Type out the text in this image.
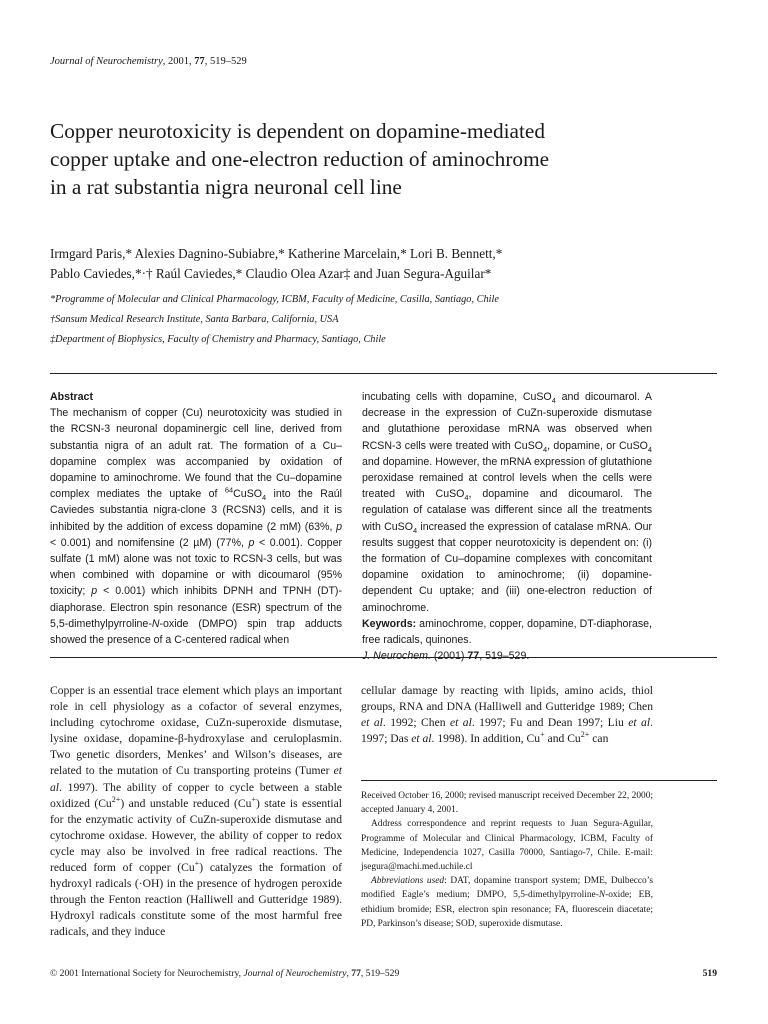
Journal of Neurochemistry, 2001, 77, 519–529
Copper neurotoxicity is dependent on dopamine-mediated
copper uptake and one-electron reduction of aminochrome
in a rat substantia nigra neuronal cell line
Irmgard Paris,* Alexies Dagnino-Subiabre,* Katherine Marcelain,* Lori B. Bennett,*
Pablo Caviedes,*·† Raúl Caviedes,* Claudio Olea Azar‡ and Juan Segura-Aguilar*
*Programme of Molecular and Clinical Pharmacology, ICBM, Faculty of Medicine, Casilla, Santiago, Chile
†Sansum Medical Research Institute, Santa Barbara, California, USA
‡Department of Biophysics, Faculty of Chemistry and Pharmacy, Santiago, Chile
Abstract

The mechanism of copper (Cu) neurotoxicity was studied in the RCSN-3 neuronal dopaminergic cell line, derived from substantia nigra of an adult rat. The formation of a Cu–dopamine complex was accompanied by oxidation of dopamine to aminochrome. We found that the Cu–dopamine complex mediates the uptake of $^{64}$CuSO$_4$ into the Raúl Caviedes substantia nigra-clone 3 (RCSN3) cells, and it is inhibited by the addition of excess dopamine (2 mM) (63%, p < 0.001) and nomifensine (2 µM) (77%, p < 0.001). Copper sulfate (1 mM) alone was not toxic to RCSN-3 cells, but was when combined with dopamine or with dicoumarol (95% toxicity; p < 0.001) which inhibits DPNH and TPNH (DT)-diaphorase. Electron spin resonance (ESR) spectrum of the 5,5-dimethylpyrroline-N-oxide (DMPO) spin trap adducts showed the presence of a C-centered radical when

incubating cells with dopamine, CuSO$_4$ and dicoumarol. A decrease in the expression of CuZn-superoxide dismutase and glutathione peroxidase mRNA was observed when RCSN-3 cells were treated with CuSO$_4$, dopamine, or CuSO$_4$ and dopamine. However, the mRNA expression of glutathione peroxidase remained at control levels when the cells were treated with CuSO$_4$, dopamine and dicoumarol. The regulation of catalase was different since all the treatments with CuSO$_4$ increased the expression of catalase mRNA. Our results suggest that copper neurotoxicity is dependent on: (i) the formation of Cu–dopamine complexes with concomitant dopamine oxidation to aminochrome; (ii) dopamine-dependent Cu uptake; and (iii) one-electron reduction of aminochrome.

Keywords: aminochrome, copper, dopamine, DT-diaphorase, free radicals, quinones.

Copper is an essential trace element which plays an important role in cell physiology as a cofactor of several enzymes, including cytochrome oxidase, CuZn-superoxide dismutase, lysine oxidase, dopamine-β-hydroxylase and ceruloplasmin. Two genetic disorders, Menkes’ and Wilson’s diseases, are related to the mutation of Cu transporting proteins (Tumer et al. 1997). The ability of copper to cycle between a stable oxidized $(Cu^{2+})$ and unstable reduced (Cu+) state is essential for the enzymatic activity of CuZn-superoxide dismutase and cytochrome oxidase. However, the ability of copper to redox cycle may also be involved in free radical reactions. The reduced form of copper (Cu+) catalyzes the formation of hydroxyl radicals (·OH) in the presence of hydrogen peroxide through the Fenton reaction (Halliwell and Gutteridge 1989). Hydroxyl radicals constitute some of the most harmful free radicals, and they induce

cellular damage by reacting with lipids, amino acids, thiol groups, RNA and DNA (Halliwell and Gutteridge 1989; Chen et al. 1992; Chen et al. 1997; Fu and Dean 1997; Liu et al. 1997; Das et al. 1998). In addition, Cu+ and $Cu^{2+}$ can

Received October 16, 2000; revised manuscript received December 22, 2000; accepted January 4, 2001.

Address correspondence and reprint requests to Juan Segura-Aguilar, Programme of Molecular and Clinical Pharmacology, ICBM, Faculty of Medicine, Independencia 1027, Casilla 70000, Santiago-7, Chile. E-mail: jsegura@machi.med.uchile.cl

Abbreviations used: DAT, dopamine transport system; DME, Dulbecco’s modified Eagle’s medium; DMPO, 5,5-dimethylpyrroline-N-oxide; EB, ethidium bromide; ESR, electron spin resonance; FA, fluorescein diacetate; PD, Parkinson’s disease; SOD, superoxide dismutase.

© 2001 International Society for Neurochemistry, Journal of Neurochemistry, 77, 519–529	519
